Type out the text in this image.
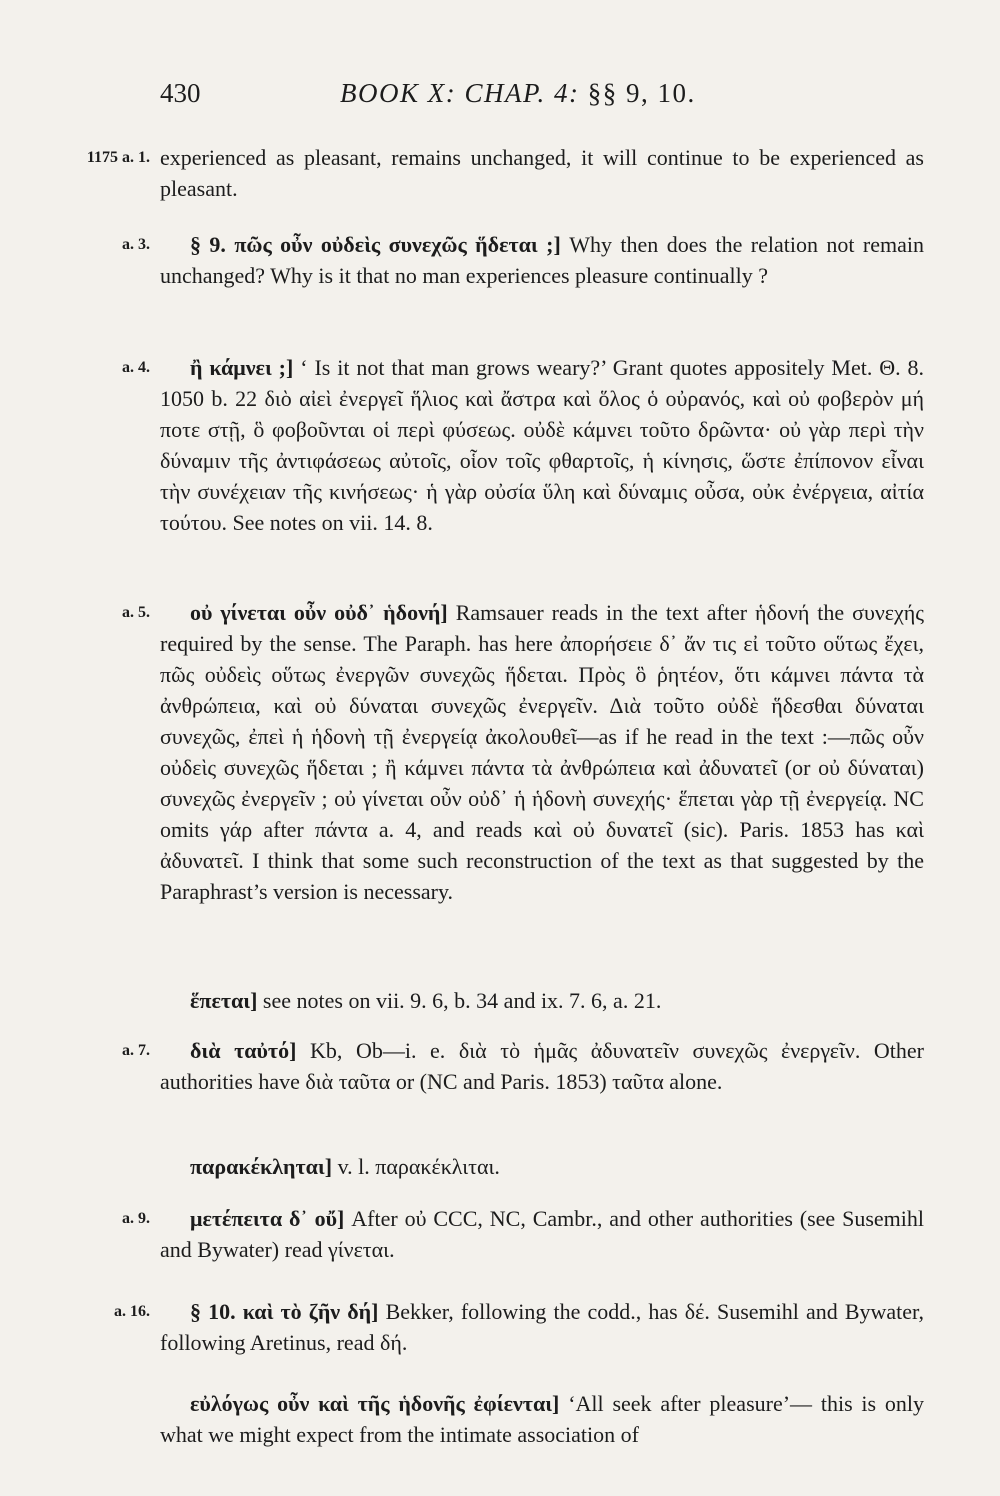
430	BOOK X: CHAP. 4: §§ 9, 10.
1175 a. 1. experienced as pleasant, remains unchanged, it will continue to be experienced as pleasant.
a. 3. § 9. πῶς οὖν οὐδεὶς συνεχῶς ἥδεται ;] Why then does the relation not remain unchanged? Why is it that no man experiences pleasure continually ?
a. 4. ἢ κάμνει ;] ‘ Is it not that man grows weary?’ Grant quotes appositely Met. Θ. 8. 1050 b. 22 διὸ αἰεὶ ἐνεργεῖ ἥλιος καὶ ἄστρα καὶ ὅλος ὁ οὐρανός, καὶ οὐ φοβερὸν μή ποτε στῇ, ὃ φοβοῦνται οἱ περὶ φύσεως. οὐδὲ κάμνει τοῦτο δρῶντα· οὐ γὰρ περὶ τὴν δύναμιν τῆς ἀντιφάσεως αὐτοῖς, οἷον τοῖς φθαρτοῖς, ἡ κίνησις, ὥστε ἐπίπονον εἶναι τὴν συνέχειαν τῆς κινήσεως· ἡ γὰρ οὐσία ὕλη καὶ δύναμις οὖσα, οὐκ ἐνέργεια, αἰτία τούτου. See notes on vii. 14. 8.
a. 5. οὐ γίνεται οὖν οὐδ᾽ ἡδονή] Ramsauer reads in the text after ἡδονή the συνεχής required by the sense. The Paraph. has here ἀπορήσειε δ᾽ ἄν τις εἰ τοῦτο οὕτως ἔχει, πῶς οὐδεὶς οὕτως ἐνεργῶν συνεχῶς ἥδεται. Πρὸς ὃ ῥητέον, ὅτι κάμνει πάντα τὰ ἀνθρώπεια, καὶ οὐ δύναται συνεχῶς ἐνεργεῖν. Διὰ τοῦτο οὐδὲ ἥδεσθαι δύναται συνεχῶς, ἐπεὶ ἡ ἡδονὴ τῇ ἐνεργείᾳ ἀκολουθεῖ—as if he read in the text :—πῶς οὖν οὐδεὶς συνεχῶς ἥδεται ; ἢ κάμνει πάντα τὰ ἀνθρώπεια καὶ ἀδυνατεῖ (or οὐ δύναται) συνεχῶς ἐνεργεῖν ; οὐ γίνεται οὖν οὐδ᾽ ἡ ἡδονὴ συνεχής· ἕπεται γὰρ τῇ ἐνεργείᾳ. NC omits γάρ after πάντα a. 4, and reads καὶ οὐ δυνατεῖ (sic). Paris. 1853 has καὶ ἀδυνατεῖ. I think that some such reconstruction of the text as that suggested by the Paraphrast’s version is necessary.
ἕπεται] see notes on vii. 9. 6, b. 34 and ix. 7. 6, a. 21.
a. 7. διὰ ταὐτό] Kb, Ob—i. e. διὰ τὸ ἡμᾶς ἀδυνατεῖν συνεχῶς ἐνεργεῖν. Other authorities have διὰ ταῦτα or (NC and Paris. 1853) ταῦτα alone.
παρακέκληται] v. l. παρακέκλιται.
a. 9. μετέπειτα δ᾽ οὔ] After οὐ CCC, NC, Cambr., and other authorities (see Susemihl and Bywater) read γίνεται.
a. 16. § 10. καὶ τὸ ζῆν δή] Bekker, following the codd., has δέ. Susemihl and Bywater, following Aretinus, read δή.
εὐλόγως οὖν καὶ τῆς ἡδονῆς ἐφίενται] ‘All seek after pleasure’— this is only what we might expect from the intimate association of
